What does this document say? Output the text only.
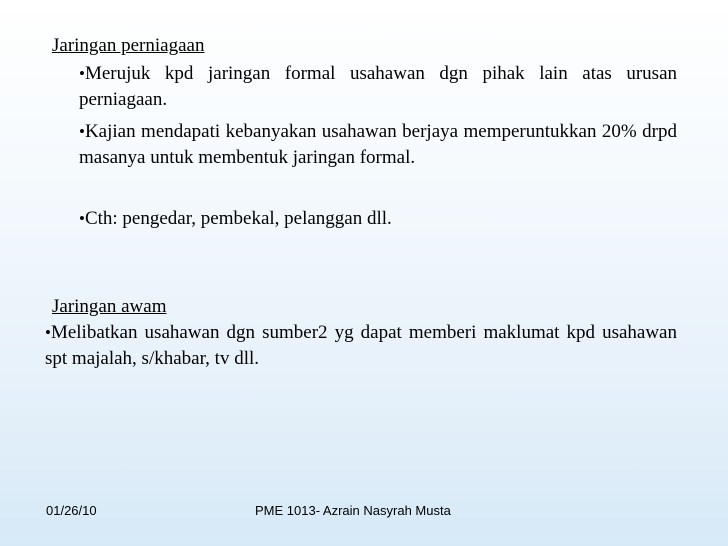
Jaringan perniagaan
•Merujuk kpd jaringan formal usahawan dgn pihak lain atas urusan perniagaan.
•Kajian mendapati kebanyakan usahawan berjaya memperuntukkan 20% drpd masanya untuk membentuk jaringan formal.
•Cth: pengedar, pembekal, pelanggan dll.
Jaringan awam
•Melibatkan usahawan dgn sumber2 yg dapat memberi maklumat kpd usahawan spt majalah, s/khabar, tv dll.
01/26/10	PME 1013- Azrain Nasyrah Musta
